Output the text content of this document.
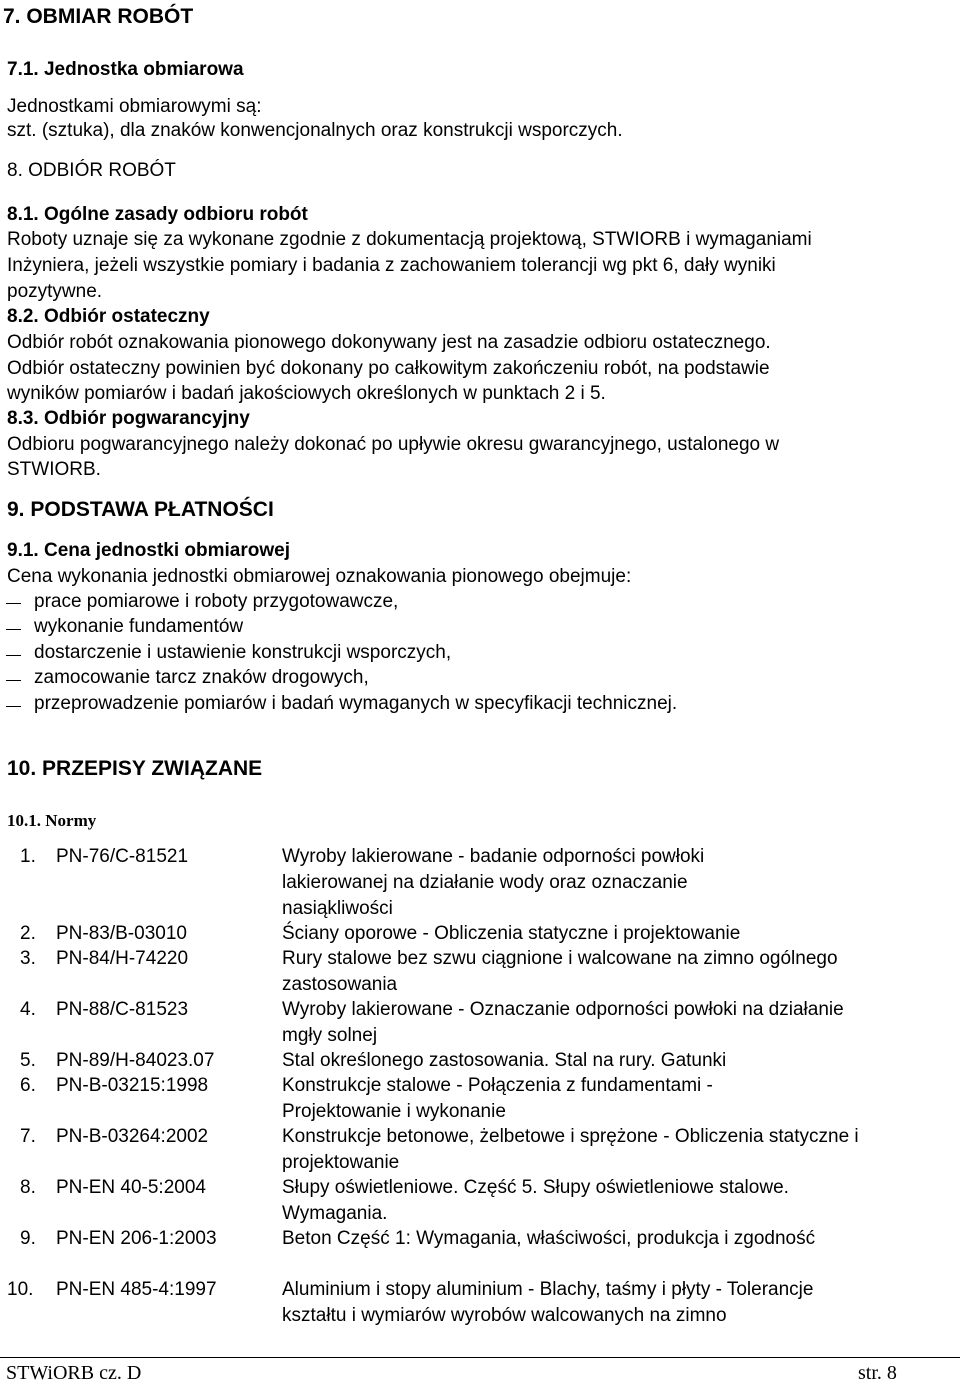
7. OBMIAR ROBÓT
7.1. Jednostka obmiarowa
Jednostkami obmiarowymi są:
szt. (sztuka), dla znaków konwencjonalnych oraz konstrukcji wsporczych.
8. ODBIÓR ROBÓT
8.1. Ogólne zasady odbioru robót
Roboty uznaje się za wykonane zgodnie z dokumentacją projektową, STWIORB i wymaganiami
Inżyniera, jeżeli wszystkie pomiary i badania z zachowaniem tolerancji wg pkt 6, dały wyniki
pozytywne.
8.2. Odbiór ostateczny
Odbiór robót oznakowania pionowego dokonywany jest na zasadzie odbioru ostatecznego.
Odbiór ostateczny powinien być dokonany po całkowitym zakończeniu robót, na podstawie
wyników pomiarów i badań jakościowych określonych w punktach 2 i 5.
8.3. Odbiór pogwarancyjny
Odbioru pogwarancyjnego należy dokonać po upływie okresu gwarancyjnego, ustalonego w
STWIORB.
9. PODSTAWA PŁATNOŚCI
9.1. Cena jednostki obmiarowej
Cena wykonania jednostki obmiarowej oznakowania pionowego obejmuje:
prace pomiarowe i roboty przygotowawcze,
wykonanie fundamentów
dostarczenie i ustawienie konstrukcji wsporczych,
zamocowanie tarcz znaków drogowych,
przeprowadzenie pomiarów i badań wymaganych w specyfikacji technicznej.
10. PRZEPISY ZWIĄZANE
10.1. Normy
1. PN-76/C-81521	Wyroby lakierowane - badanie odporności powłoki lakierowanej na działanie wody oraz oznaczanie nasiąkliwości
2. PN-83/B-03010	Ściany oporowe - Obliczenia statyczne i projektowanie
3. PN-84/H-74220	Rury stalowe bez szwu ciągnione i walcowane na zimno ogólnego zastosowania
4. PN-88/C-81523	Wyroby lakierowane - Oznaczanie odporności powłoki na działanie mgły solnej
5. PN-89/H-84023.07	Stal określonego zastosowania. Stal na rury. Gatunki
6. PN-B-03215:1998	Konstrukcje stalowe - Połączenia z fundamentami - Projektowanie i wykonanie
7. PN-B-03264:2002	Konstrukcje betonowe, żelbetowe i sprężone - Obliczenia statyczne i projektowanie
8. PN-EN 40-5:2004	Słupy oświetleniowe. Część 5. Słupy oświetleniowe stalowe. Wymagania.
9. PN-EN 206-1:2003	Beton Część 1: Wymagania, właściwości, produkcja i zgodność
10. PN-EN 485-4:1997	Aluminium i stopy aluminium - Blachy, taśmy i płyty - Tolerancje kształtu i wymiarów wyrobów walcowanych na zimno
STWiORB cz. D	str. 8
